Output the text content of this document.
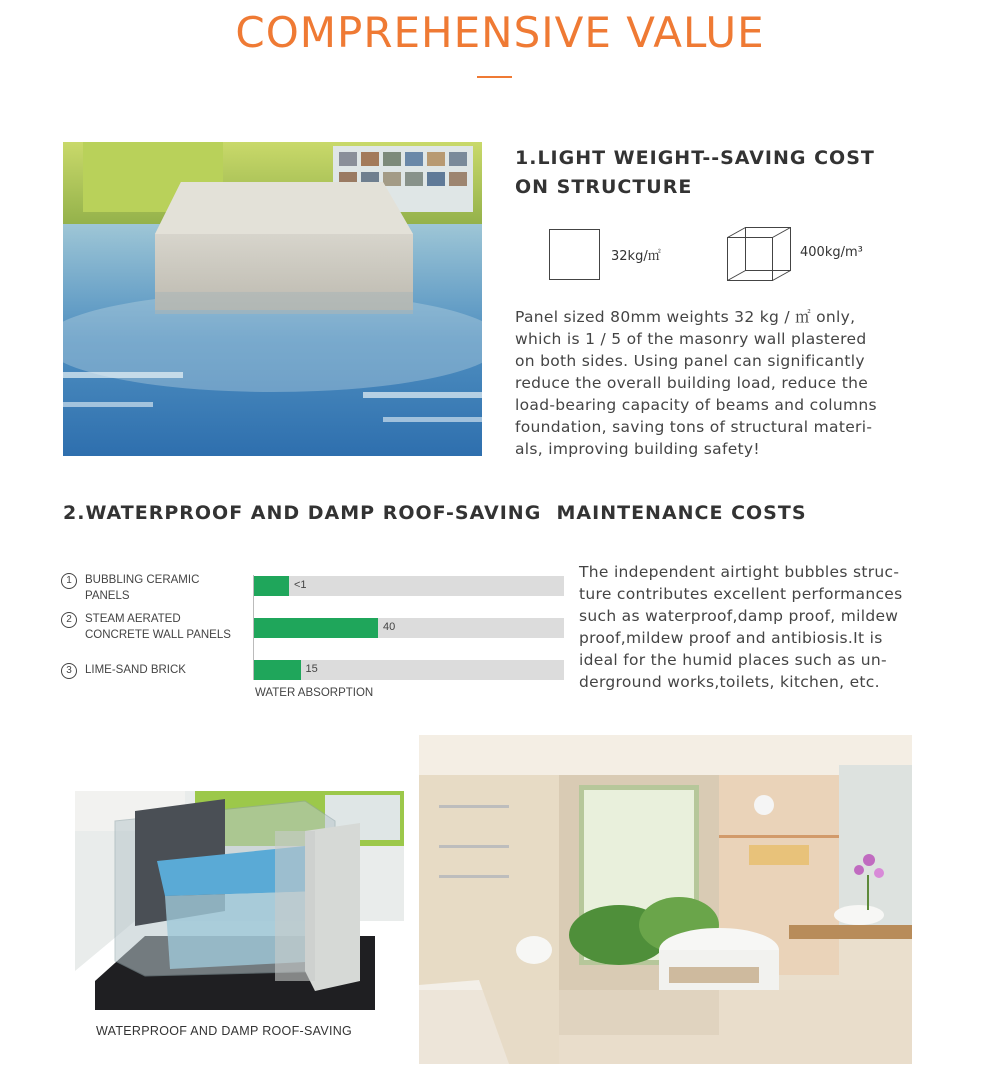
COMPREHENSIVE VALUE
1.LIGHT WEIGHT--SAVING COST
ON STRUCTURE
32kg/㎡	400kg/m³
Panel sized 80mm weights 32 kg / ㎡ only,
which is 1 / 5 of the masonry wall plastered
on both sides. Using panel can significantly
reduce the overall building load, reduce the
load-bearing capacity of beams and columns
foundation, saving tons of structural materi-
als, improving building safety!
2.WATERPROOF AND DAMP ROOF-SAVING  MAINTENANCE COSTS
1	BUBBLING CERAMIC
PANELS
2	STEAM AERATED
CONCRETE WALL PANELS
3	LIME-SAND BRICK
<1
40
15
WATER ABSORPTION
The independent airtight bubbles struc-
ture contributes excellent performances
such as waterproof,damp proof, mildew
proof,mildew proof and antibiosis.It is
ideal for the humid places such as un-
derground works,toilets, kitchen, etc.
WATERPROOF AND DAMP ROOF-SAVING
